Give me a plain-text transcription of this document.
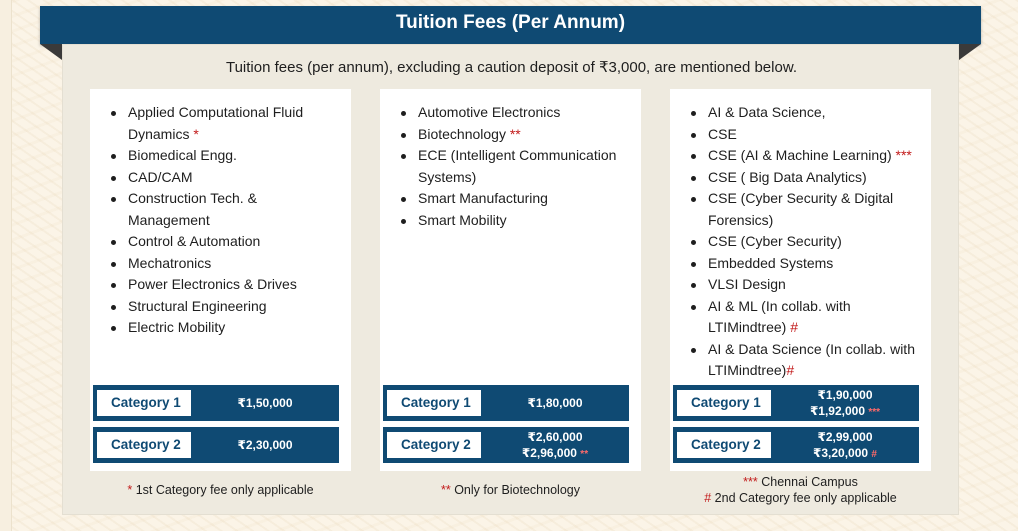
Tuition Fees (Per Annum)
Tuition fees (per annum), excluding a caution deposit of ₹3,000, are mentioned below.
Applied Computational Fluid Dynamics *
Biomedical Engg.
CAD/CAM
Construction Tech. & Management
Control & Automation
Mechatronics
Power Electronics & Drives
Structural Engineering
Electric Mobility
Category 1	₹1,50,000
Category 2	₹2,30,000
Automotive Electronics
Biotechnology **
ECE (Intelligent Communication Systems)
Smart Manufacturing
Smart Mobility
Category 1	₹1,80,000
Category 2	₹2,60,000
₹2,96,000 **
AI & Data Science,
CSE
CSE (AI & Machine Learning) ***
CSE ( Big Data Analytics)
CSE (Cyber Security & Digital Forensics)
CSE (Cyber Security)
Embedded Systems
VLSI Design
AI & ML (In collab. with LTIMindtree) #
AI & Data Science (In collab. with LTIMindtree)#
Category 1	₹1,90,000
₹1,92,000 ***
Category 2	₹2,99,000
₹3,20,000 #
* 1st Category fee only applicable	** Only for Biotechnology
*** Chennai Campus
# 2nd Category fee only applicable
